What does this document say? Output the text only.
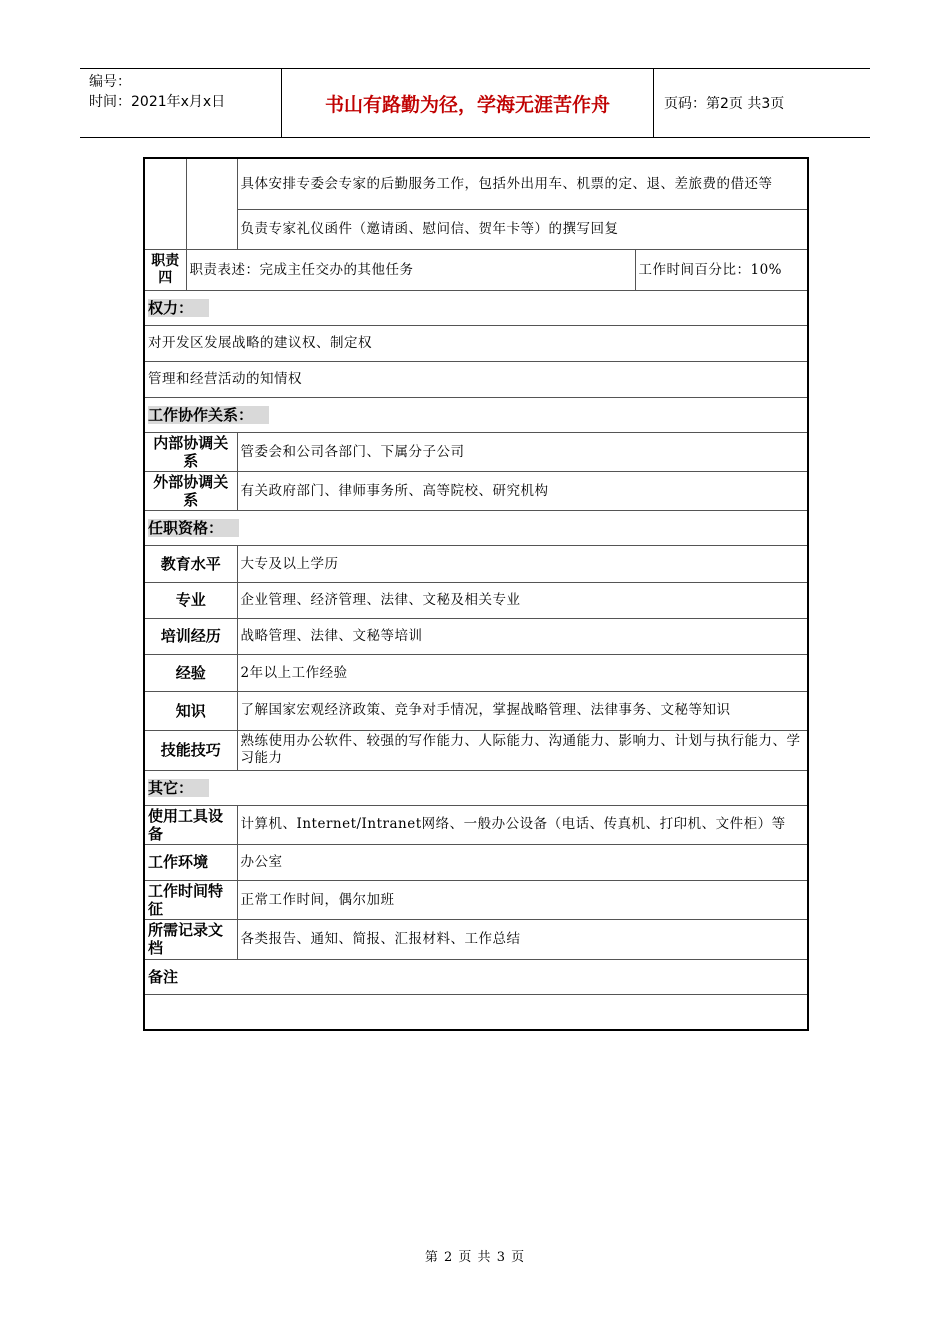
编号：
时间：2021年x月x日	书山有路勤为径，学海无涯苦作舟	页码：第2页 共3页
		具体安排专委会专家的后勤服务工作，包括外出用车、机票的定、退、差旅费的借还等	
		负责专家礼仪函件（邀请函、慰问信、贺年卡等）的撰写回复	
职责四	职责表述：完成主任交办的其他任务		工作时间百分比：10%
权力：			
对开发区发展战略的建议权、制定权			
管理和经营活动的知情权			
工作协作关系：			
内部协调关系		管委会和公司各部门、下属分子公司	
外部协调关系		有关政府部门、律师事务所、高等院校、研究机构	
任职资格：			
教育水平		大专及以上学历	
专业		企业管理、经济管理、法律、文秘及相关专业	
培训经历		战略管理、法律、文秘等培训	
经验		2年以上工作经验	
知识		了解国家宏观经济政策、竞争对手情况，掌握战略管理、法律事务、文秘等知识	
技能技巧		熟练使用办公软件、较强的写作能力、人际能力、沟通能力、影响力、计划与执行能力、学习能力	
其它：			
使用工具设备		计算机、Internet/Intranet网络、一般办公设备（电话、传真机、打印机、文件柜）等	
工作环境		办公室	
工作时间特征		正常工作时间，偶尔加班	
所需记录文档		各类报告、通知、简报、汇报材料、工作总结	
备注			

第 2 页 共 3 页
